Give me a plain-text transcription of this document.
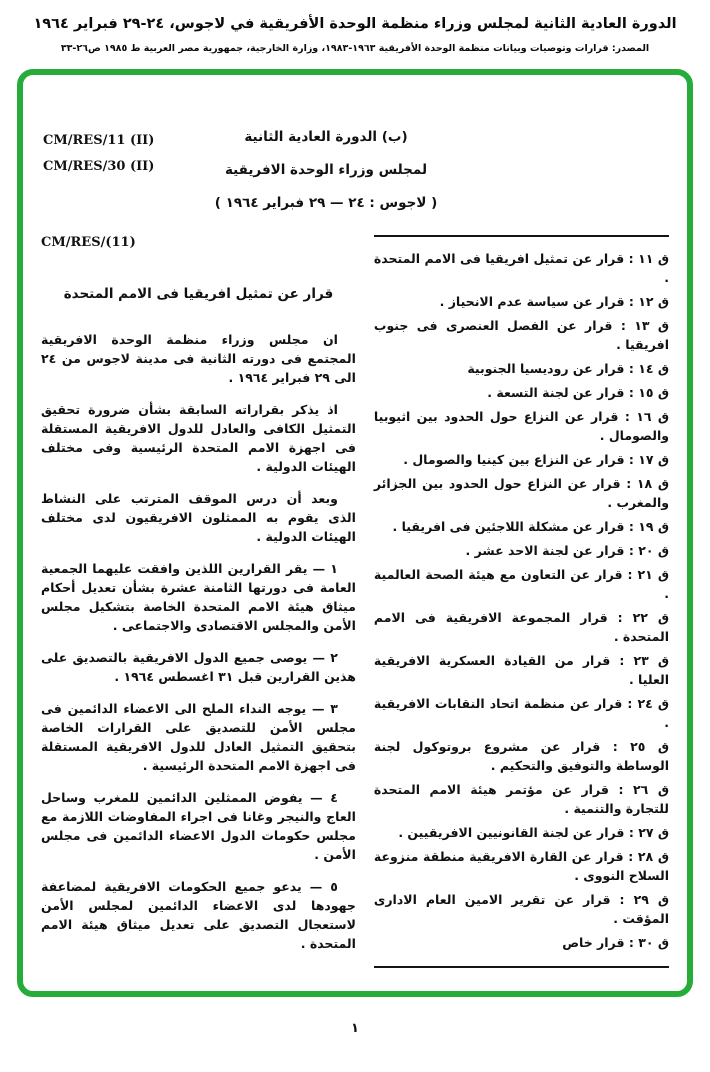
الدورة العادية الثانية لمجلس وزراء منظمة الوحدة الأفريقية في لاجوس، ٢٤-٢٩ فبراير ١٩٦٤
المصدر: قرارات وتوصيات وبيانات منظمة الوحدة الأفريقية ١٩٦٣-١٩٨٣، وزارة الخارجية، جمهورية مصر العربية ط ١٩٨٥ ص٢٦-٣٣
CM/RES/11 (II)
CM/RES/30 (II)
(ب) الدورة العادية الثانية
لمجلس وزراء الوحدة الافريقية
( لاجوس : ٢٤ — ٢٩ فبراير ١٩٦٤ )
ق ١١ : قرار عن تمثيل افريقيا فى الامم المتحدة .
ق ١٢ : قرار عن سياسة عدم الانحياز .
ق ١٣ : قرار عن الفصل العنصرى فى جنوب افريقيا .
ق ١٤ : قرار عن روديسيا الجنوبية
ق ١٥ : قرار عن لجنة التسعة .
ق ١٦ : قرار عن النزاع حول الحدود بين اثيوبيا والصومال .
ق ١٧ : قرار عن النزاع بين كينيا والصومال .
ق ١٨ : قرار عن النزاع حول الحدود بين الجزائر والمغرب .
ق ١٩ : قرار عن مشكلة اللاجئين فى افريقيا .
ق ٢٠ : قرار عن لجنة الاحد عشر .
ق ٢١ : قرار عن التعاون مع هيئة الصحة العالمية .
ق ٢٢ : قرار المجموعة الافريقية فى الامم المتحدة .
ق ٢٣ : قرار من القيادة العسكرية الافريقية العليا .
ق ٢٤ : قرار عن منظمة اتحاد النقابات الافريقية .
ق ٢٥ : قرار عن مشروع بروتوكول لجنة الوساطة والتوفيق والتحكيم .
ق ٢٦ : قرار عن مؤتمر هيئة الامم المتحدة للتجارة والتنمية .
ق ٢٧ : قرار عن لجنة القانونيين الافريقيين .
ق ٢٨ : قرار عن القارة الافريقية منطقة منزوعة السلاح النووى .
ق ٢٩ : قرار عن تقرير الامين العام الادارى المؤقت .
ق ٣٠ : قرار خاص
CM/RES/(11)
قرار عن تمثيل افريقيا فى الامم المتحدة

ان مجلس وزراء منظمة الوحدة الافريقية المجتمع فى دورته الثانية فى مدينة لاجوس من ٢٤ الى ٢٩ فبراير ١٩٦٤ .

اذ يذكر بقراراته السابقة بشأن ضرورة تحقيق التمثيل الكافى والعادل للدول الافريقية المستقلة فى اجهزة الامم المتحدة الرئيسية وفى مختلف الهيئات الدولية .

وبعد أن درس الموقف المترتب على النشاط الذى يقوم به الممثلون الافريقيون لدى مختلف الهيئات الدولية .

١ — يقر القرارين اللذين وافقت عليهما الجمعية العامة فى دورتها الثامنة عشرة بشأن تعديل أحكام ميثاق هيئة الامم المتحدة الخاصة بتشكيل مجلس الأمن والمجلس الاقتصادى والاجتماعى .

٢ — يوصى جميع الدول الافريقية بالتصديق على هذين القرارين قبل ٣١ اغسطس ١٩٦٤ .

٣ — يوجه النداء الملح الى الاعضاء الدائمين فى مجلس الأمن للتصديق على القرارات الخاصة بتحقيق التمثيل العادل للدول الافريقية المستقلة فى اجهزة الامم المتحدة الرئيسية .

٤ — يفوض الممثلين الدائمين للمغرب وساحل العاج والنيجر وغانا فى اجراء المفاوضات اللازمة مع مجلس حكومات الدول الاعضاء الدائمين فى مجلس الأمن .

٥ — يدعو جميع الحكومات الافريقية لمضاعفة جهودها لدى الاعضاء الدائمين لمجلس الأمن لاستعجال التصديق على تعديل ميثاق هيئة الامم المتحدة .

١
